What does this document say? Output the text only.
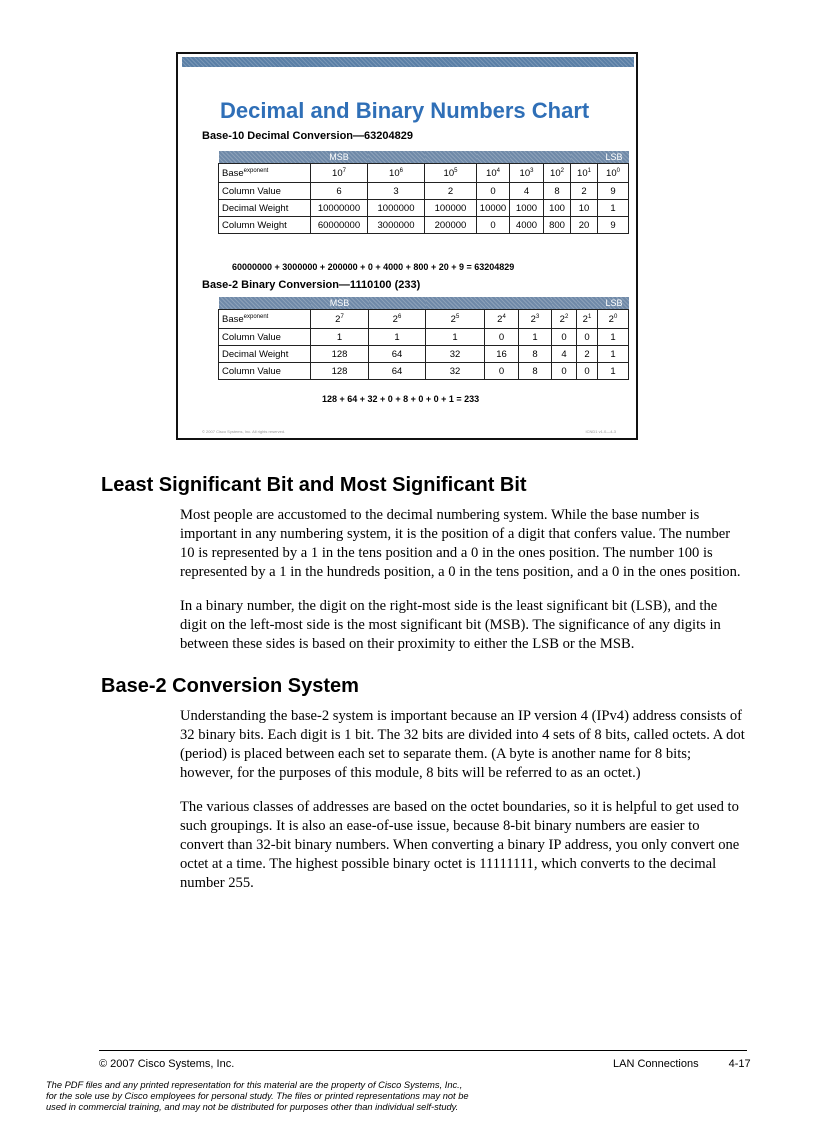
Decimal and Binary Numbers Chart
Base-10 Decimal Conversion—63204829
	MSB							LSB
Base$^{exponent}$	$10^7$	$10^6$	$10^5$	$10^4$	$10^3$	$10^2$	$10^1$	$10^0$
Column Value	6	3	2	0	4	8	2	9
Decimal Weight	10000000	1000000	100000	10000	1000	100	10	1
Column Weight	60000000	3000000	200000	0	4000	800	20	9
60000000 + 3000000 + 200000 + 0 + 4000 + 800 + 20 + 9 = 63204829
Base-2 Binary Conversion—1110100 (233)
	MSB							LSB
Base$^{exponent}$	$2^7$	$2^6$	$2^5$	$2^4$	$2^3$	$2^2$	$2^1$	$2^0$
Column Value	1	1	1	0	1	0	0	1
Decimal Weight	128	64	32	16	8	4	2	1
Column Value	128	64	32	0	8	0	0	1
128 + 64 + 32 + 0 + 8 + 0 + 0 + 1 = 233
© 2007 Cisco Systems, Inc. All rights reserved.	ICND1 v1.0—4-3
Least Significant Bit and Most Significant Bit

Most people are accustomed to the decimal numbering system. While the base number is important in any numbering system, it is the position of a digit that confers value. The number 10 is represented by a 1 in the tens position and a 0 in the ones position. The number 100 is represented by a 1 in the hundreds position, a 0 in the tens position, and a 0 in the ones position.

In a binary number, the digit on the right-most side is the least significant bit (LSB), and the digit on the left-most side is the most significant bit (MSB). The significance of any digits in between these sides is based on their proximity to either the LSB or the MSB.

Base-2 Conversion System

Understanding the base-2 system is important because an IP version 4 (IPv4) address consists of 32 binary bits. Each digit is 1 bit. The 32 bits are divided into 4 sets of 8 bits, called octets. A dot (period) is placed between each set to separate them. (A byte is another name for 8 bits; however, for the purposes of this module, 8 bits will be referred to as an octet.)

The various classes of addresses are based on the octet boundaries, so it is helpful to get used to such groupings. It is also an ease-of-use issue, because 8-bit binary numbers are easier to convert than 32-bit binary numbers. When converting a binary IP address, you only convert one octet at a time. The highest possible binary octet is 11111111, which converts to the decimal number 255.

© 2007 Cisco Systems, Inc.	LAN Connections	4-17
The PDF files and any printed representation for this material are the property of Cisco Systems, Inc.,
for the sole use by Cisco employees for personal study. The files or printed representations may not be
used in commercial training, and may not be distributed for purposes other than individual self-study.
